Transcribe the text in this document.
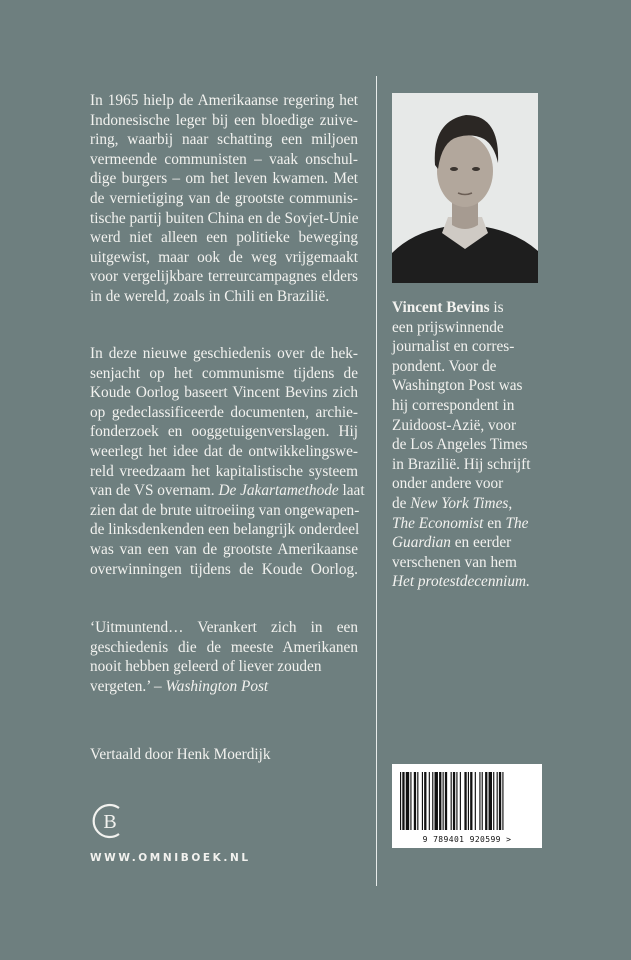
In 1965 hielp de Amerikaanse regering het
Indonesische leger bij een bloedige zuive-
ring, waarbij naar schatting een miljoen
vermeende communisten – vaak onschul-
dige burgers – om het leven kwamen. Met
de vernietiging van de grootste communis-
tische partij buiten China en de Sovjet-Unie
werd niet alleen een politieke beweging
uitgewist, maar ook de weg vrijgemaakt
voor vergelijkbare terreurcampagnes elders
in de wereld, zoals in Chili en Brazilië.

In deze nieuwe geschiedenis over de hek-
senjacht op het communisme tijdens de
Koude Oorlog baseert Vincent Bevins zich
op gedeclassificeerde documenten, archie-
fonderzoek en ooggetuigenverslagen. Hij
weerlegt het idee dat de ontwikkelingswe-
reld vreedzaam het kapitalistische systeem
van de VS overnam. De Jakartamethode laat
zien dat de brute uitroeiing van ongewapen-
de linksdenkenden een belangrijk onderdeel
was van een van de grootste Amerikaanse
overwinningen tijdens de Koude Oorlog.

‘Uitmuntend… Verankert zich in een
geschiedenis die de meeste Amerikanen
nooit hebben geleerd of liever zouden
vergeten.’ – Washington Post

Vertaald door Henk Moerdijk
B
WWW.OMNIBOEK.NL
Vincent Bevins is
een prijswinnende
journalist en corres-
pondent. Voor de
Washington Post was
hij correspondent in
Zuidoost-Azië, voor
de Los Angeles Times
in Brazilië. Hij schrijft
onder andere voor
de New York Times,
The Economist en The
Guardian en eerder
verschenen van hem
Het protestdecennium.
9 789401 920599 >
